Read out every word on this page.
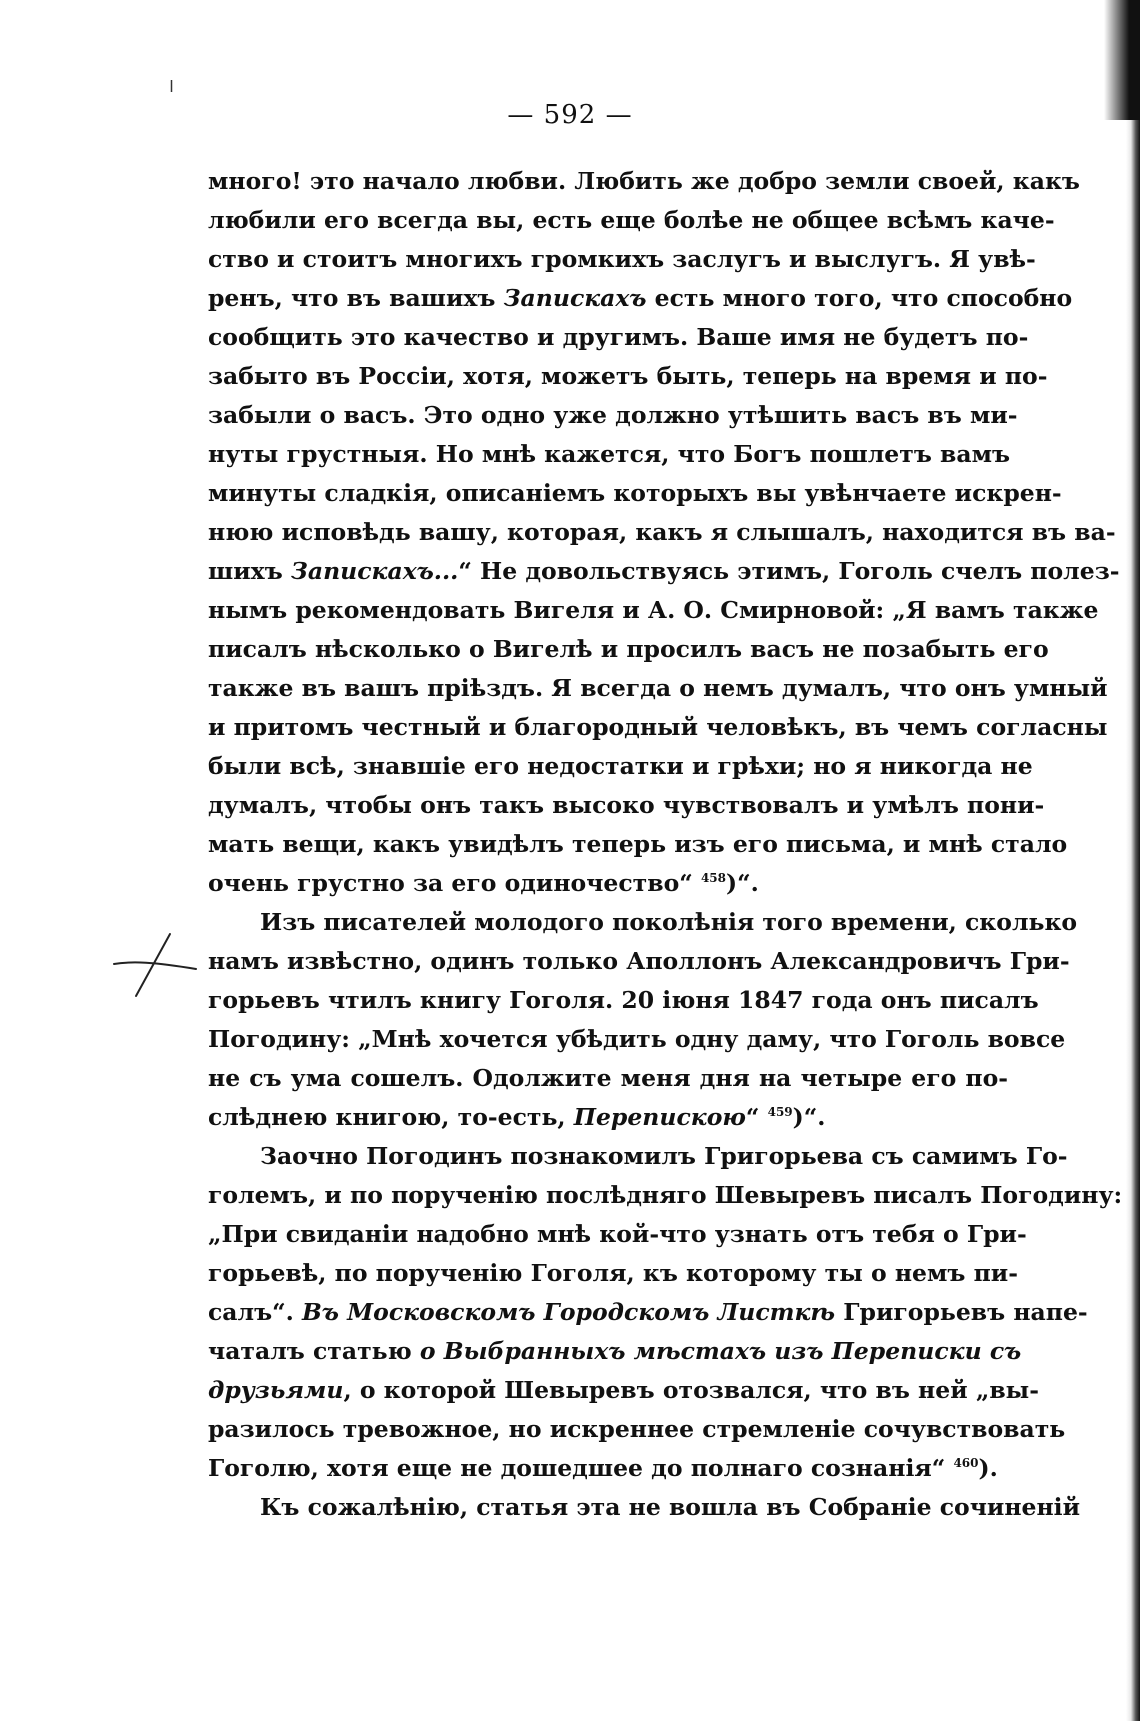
— 592 —
много! это начало любви. Любить же добро земли своей, какъ
любили его всегда вы, есть еще болѣе не общее всѣмъ каче-
ство и стоитъ многихъ громкихъ заслугъ и выслугъ. Я увѣ-
ренъ, что въ вашихъ Запискахъ есть много того, что способно
сообщить это качество и другимъ. Ваше имя не будетъ по-
забыто въ Россіи, хотя, можетъ быть, теперь на время и по-
забыли о васъ. Это одно уже должно утѣшить васъ въ ми-
нуты грустныя. Но мнѣ кажется, что Богъ пошлетъ вамъ
минуты сладкія, описаніемъ которыхъ вы увѣнчаете искрен-
нюю исповѣдь вашу, которая, какъ я слышалъ, находится въ ва-
шихъ Запискахъ...“ Не довольствуясь этимъ, Гоголь счелъ полез-
нымъ рекомендовать Вигеля и А. О. Смирновой: „Я вамъ также
писалъ нѣсколько о Вигелѣ и просилъ васъ не позабыть его
также въ вашъ пріѣздъ. Я всегда о немъ думалъ, что онъ умный
и притомъ честный и благородный человѣкъ, въ чемъ согласны
были всѣ, знавшіе его недостатки и грѣхи; но я никогда не
думалъ, чтобы онъ такъ высоко чувствовалъ и умѣлъ пони-
мать вещи, какъ увидѣлъ теперь изъ его письма, и мнѣ стало
очень грустно за его одиночество“ $^{458}$)“.
Изъ писателей молодого поколѣнія того времени, сколько
намъ извѣстно, одинъ только Аполлонъ Александровичъ Гри-
горьевъ чтилъ книгу Гоголя. 20 іюня 1847 года онъ писалъ
Погодину: „Мнѣ хочется убѣдить одну даму, что Гоголь вовсе
не съ ума сошелъ. Одолжите меня дня на четыре его по-
слѣднею книгою, то-есть, Перепискою“ $^{459}$)“.
Заочно Погодинъ познакомилъ Григорьева съ самимъ Го-
големъ, и по порученію послѣдняго Шевыревъ писалъ Погодину:
„При свиданіи надобно мнѣ кой-что узнать отъ тебя о Гри-
горьевѣ, по порученію Гоголя, къ которому ты о немъ пи-
салъ“. Въ Московскомъ Городскомъ Листкѣ Григорьевъ напе-
чаталъ статью о Выбранныхъ мѣстахъ изъ Переписки съ
друзьями, о которой Шевыревъ отозвался, что въ ней „вы-
разилось тревожное, но искреннее стремленіе сочувствовать
Гоголю, хотя еще не дошедшее до полнаго сознанія“ $^{460}$).
Къ сожалѣнію, статья эта не вошла въ Собраніе сочиненій
